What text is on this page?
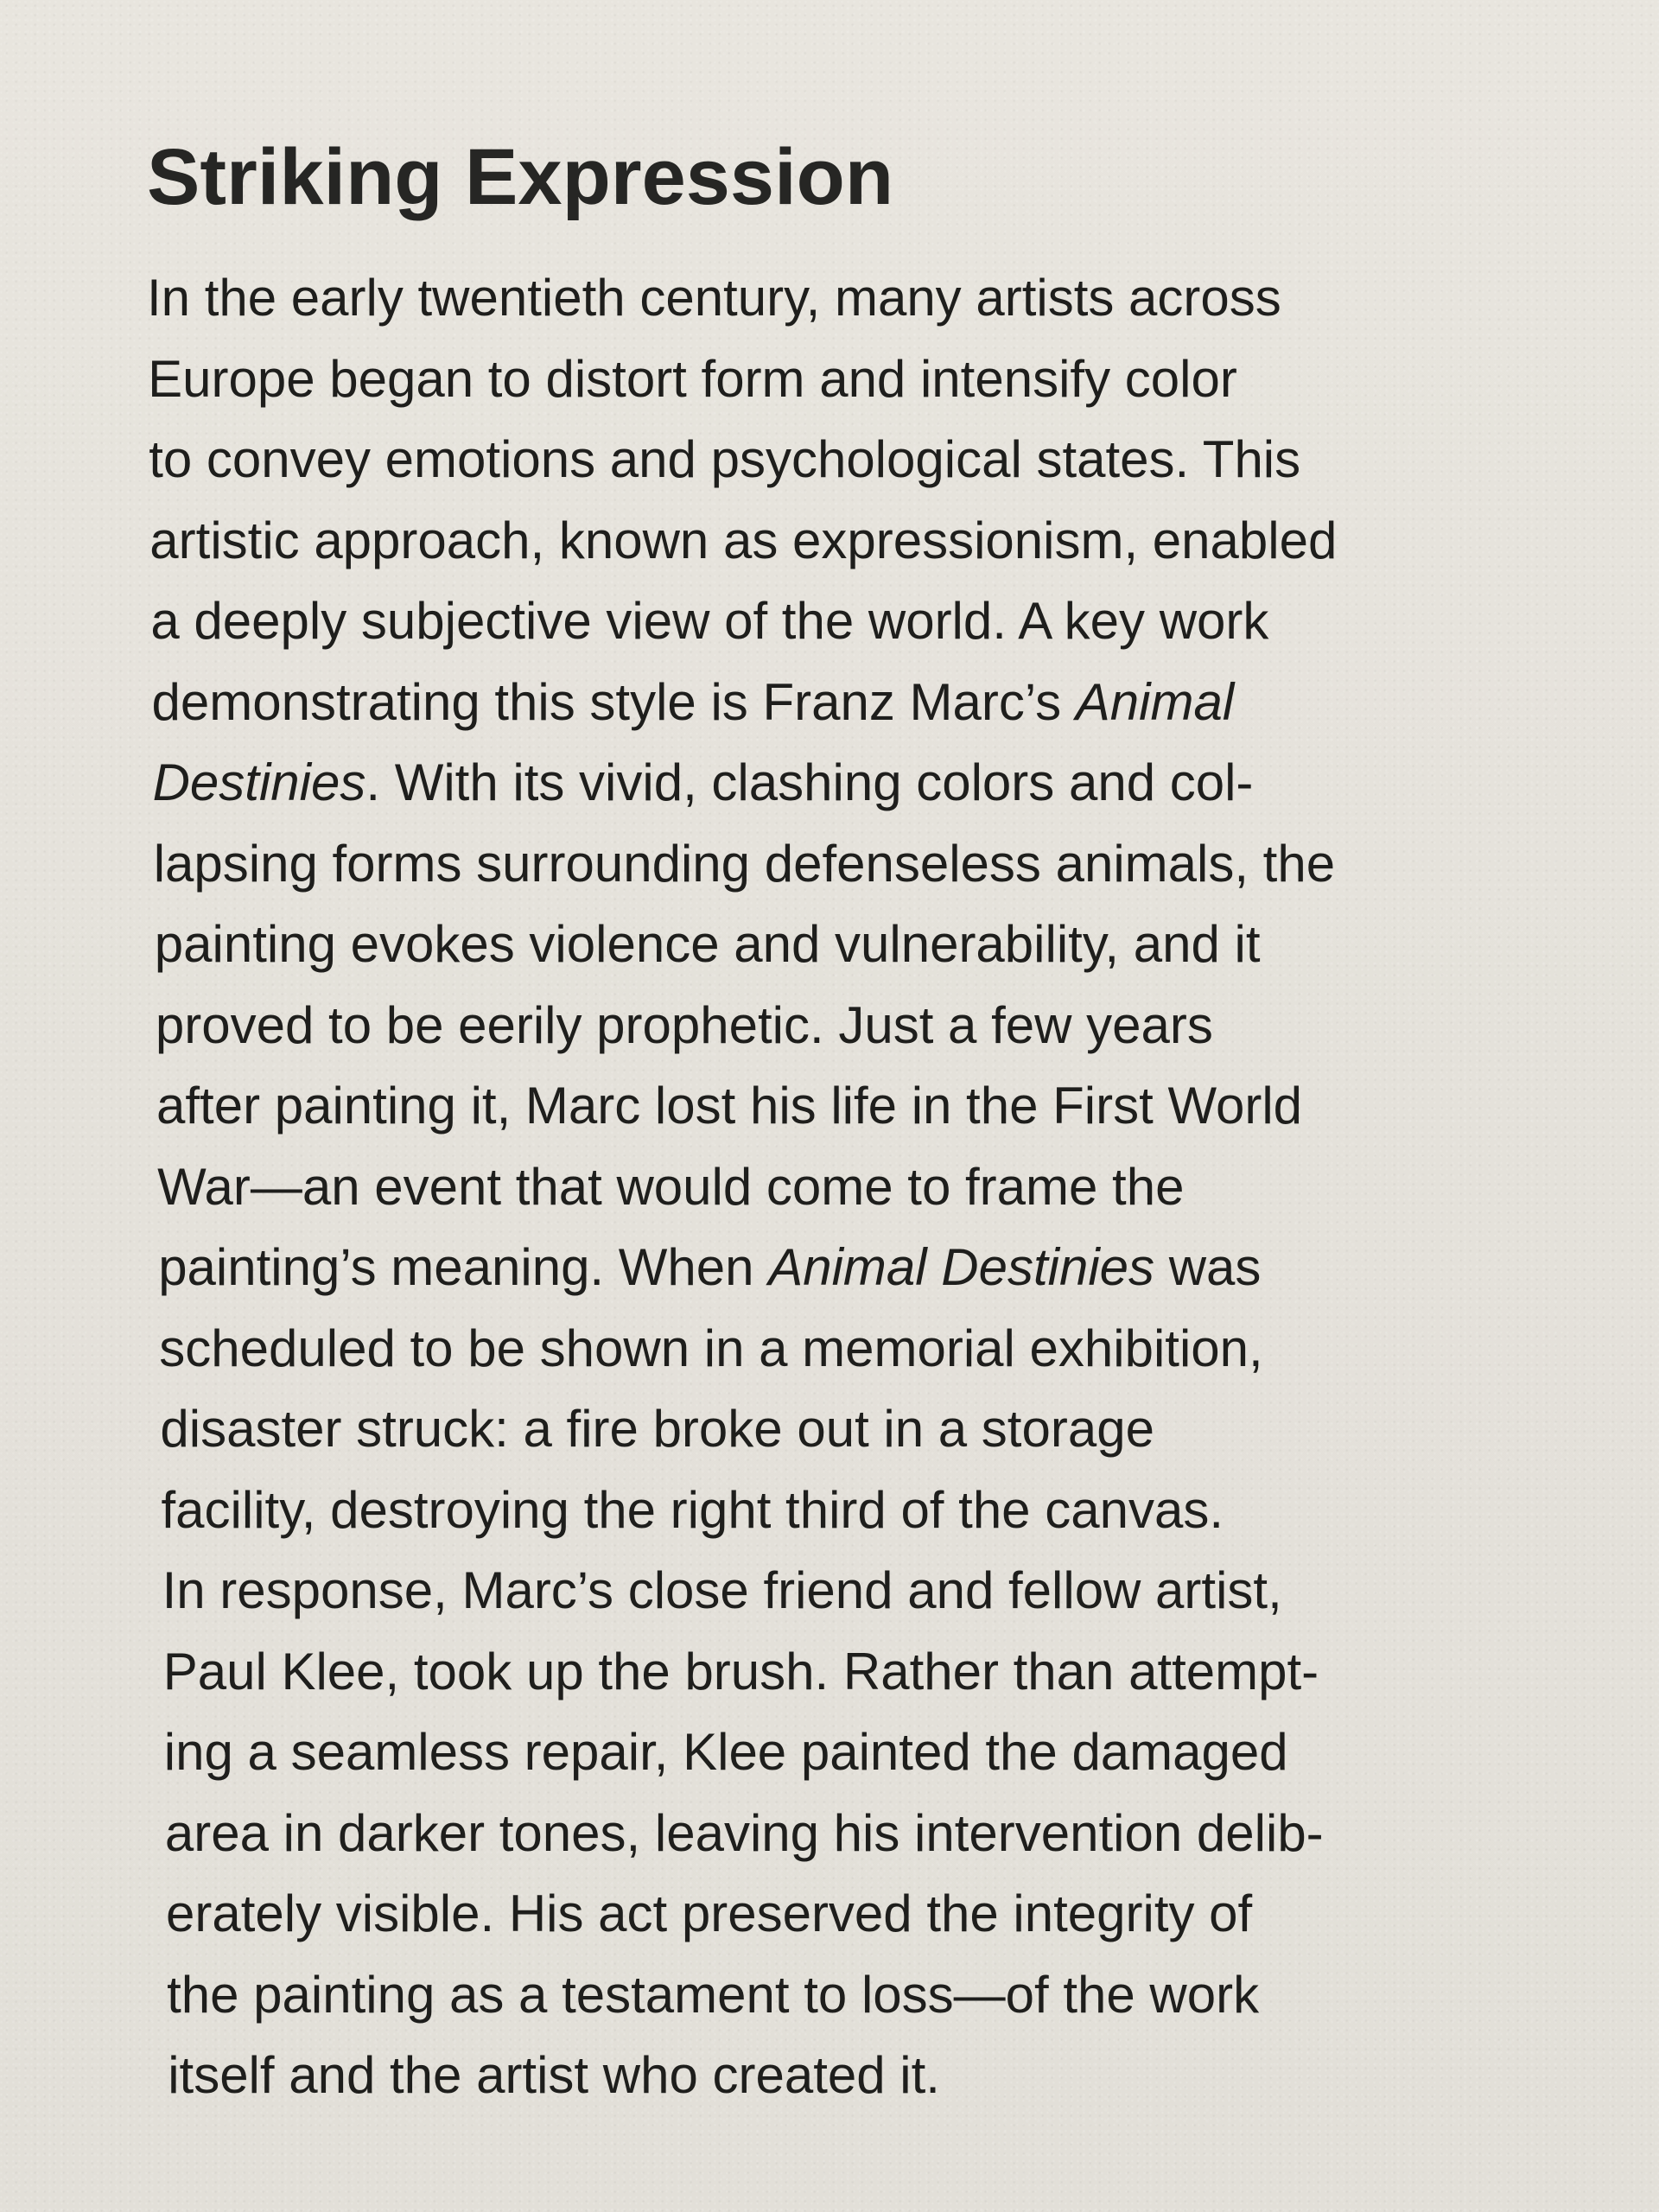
Striking Expression
In the early twentieth century, many artists across
Europe began to distort form and intensify color
to convey emotions and psychological states. This
artistic approach, known as expressionism, enabled
a deeply subjective view of the world. A key work
demonstrating this style is Franz Marc’s Animal
Destinies. With its vivid, clashing colors and col-
lapsing forms surrounding defenseless animals, the
painting evokes violence and vulnerability, and it
proved to be eerily prophetic. Just a few years
after painting it, Marc lost his life in the First World
War—an event that would come to frame the
painting’s meaning. When Animal Destinies was
scheduled to be shown in a memorial exhibition,
disaster struck: a fire broke out in a storage
facility, destroying the right third of the canvas.
In response, Marc’s close friend and fellow artist,
Paul Klee, took up the brush. Rather than attempt-
ing a seamless repair, Klee painted the damaged
area in darker tones, leaving his intervention delib-
erately visible. His act preserved the integrity of
the painting as a testament to loss—of the work
itself and the artist who created it.
